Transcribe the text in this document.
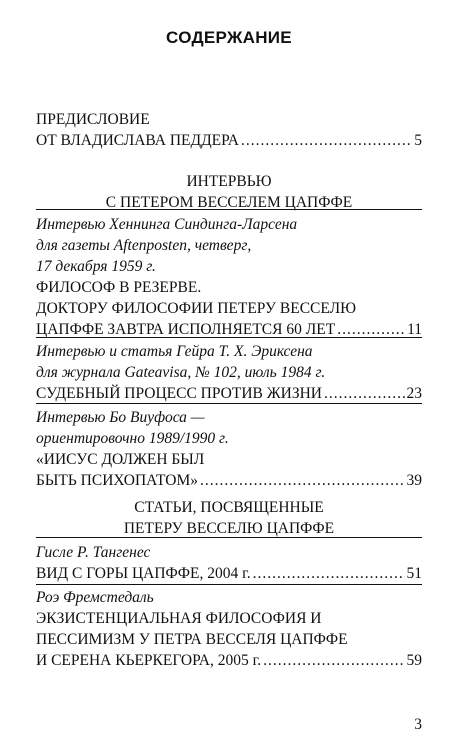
СОДЕРЖАНИЕ
ПРЕДИСЛОВИЕ
ОТ ВЛАДИСЛАВА ПЕДДЕРА .....	5
ИНТЕРВЬЮ
С ПЕТЕРОМ ВЕССЕЛЕМ ЦАПФФЕ
Интервью Хеннинга Синдинга-Ларсена
для газеты Aftenposten, четверг,
17 декабря 1959 г.
ФИЛОСОФ В РЕЗЕРВЕ.
ДОКТОРУ ФИЛОСОФИИ ПЕТЕРУ ВЕССЕЛЮ
ЦАПФФЕ ЗАВТРА ИСПОЛНЯЕТСЯ 60 ЛЕТ .....	11
Интервью и статья Гейра Т. Х. Эриксена
для журнала Gateavisa, № 102, июль 1984 г.
СУДЕБНЫЙ ПРОЦЕСС ПРОТИВ ЖИЗНИ .....	23
Интервью Бо Виуфоса —
ориентировочно 1989/1990 г.
«ИИСУС ДОЛЖЕН БЫЛ
БЫТЬ ПСИХОПАТОМ» .....	39
СТАТЬИ, ПОСВЯЩЕННЫЕ
ПЕТЕРУ ВЕССЕЛЮ ЦАПФФЕ
Гисле Р. Тангенес
ВИД С ГОРЫ ЦАПФФЕ, 2004 г. .....	51
Роэ Фремстедаль
ЭКЗИСТЕНЦИАЛЬНАЯ ФИЛОСОФИЯ И
ПЕССИМИЗМ У ПЕТРА ВЕССЕЛЯ ЦАПФФЕ
И СЕРЕНА КЬЕРКЕГОРА, 2005 г. .....	59
3
